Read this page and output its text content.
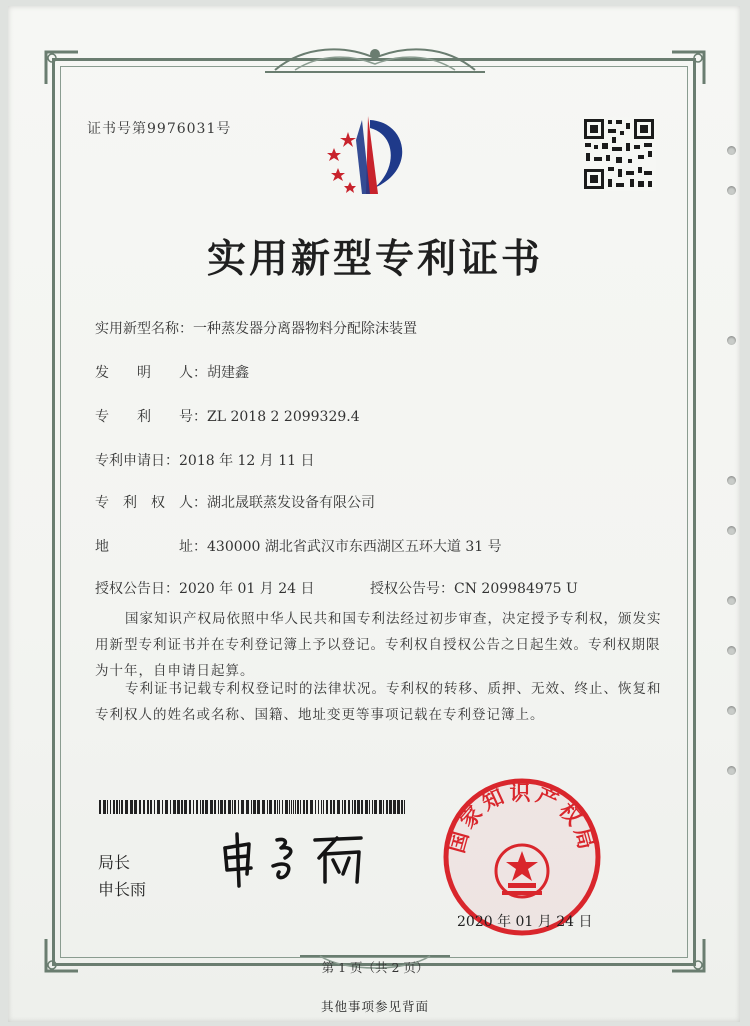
证书号第9976031号
实用新型专利证书
实用新型名称：一种蒸发器分离器物料分配除沫装置
发　　明　　人：胡建鑫
专　　利　　号：ZL 2018 2 2099329.4
专利申请日：2018 年 12 月 11 日
专　利　权　人：湖北晟联蒸发设备有限公司
地　　　　　址：430000 湖北省武汉市东西湖区五环大道 31 号
授权公告日：2020 年 01 月 24 日	授权公告号：CN 209984975 U
国家知识产权局依照中华人民共和国专利法经过初步审查，决定授予专利权，颁发实用新型专利证书并在专利登记簿上予以登记。专利权自授权公告之日起生效。专利权期限为十年，自申请日起算。
专利证书记载专利权登记时的法律状况。专利权的转移、质押、无效、终止、恢复和专利权人的姓名或名称、国籍、地址变更等事项记载在专利登记簿上。
局长
申长雨
国家知识产权局
2020 年 01 月 24 日
第 1 页（共 2 页）
其他事项参见背面
